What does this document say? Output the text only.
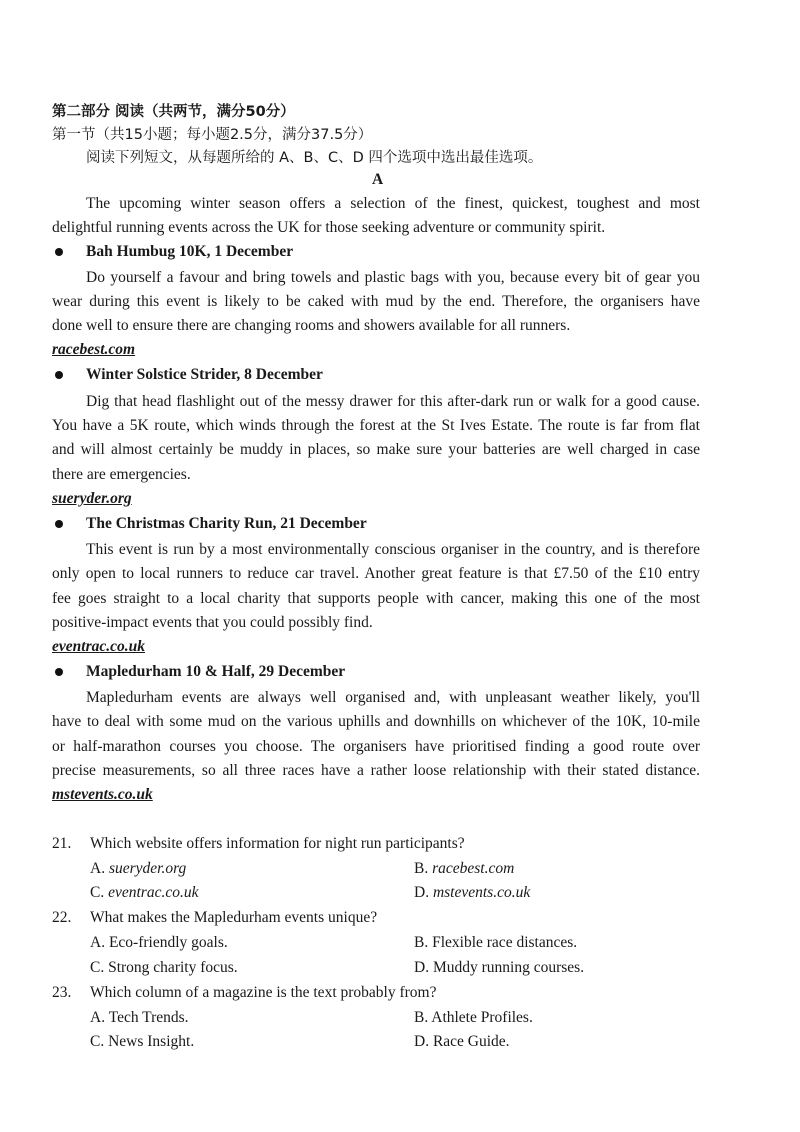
第二部分 阅读（共两节，满分50分）
第一节（共15小题；每小题2.5分，满分37.5分）
阅读下列短文，从每题所给的 A、B、C、D 四个选项中选出最佳选项。
A
The upcoming winter season offers a selection of the finest, quickest, toughest and most
delightful running events across the UK for those seeking adventure or community spirit.
Bah Humbug 10K, 1 December
Do yourself a favour and bring towels and plastic bags with you, because every bit of gear you
wear during this event is likely to be caked with mud by the end. Therefore, the organisers have
done well to ensure there are changing rooms and showers available for all runners.
racebest.com
Winter Solstice Strider, 8 December
Dig that head flashlight out of the messy drawer for this after-dark run or walk for a good cause.
You have a 5K route, which winds through the forest at the St Ives Estate. The route is far from flat
and will almost certainly be muddy in places, so make sure your batteries are well charged in case
there are emergencies.
sueryder.org
The Christmas Charity Run, 21 December
This event is run by a most environmentally conscious organiser in the country, and is therefore
only open to local runners to reduce car travel. Another great feature is that £7.50 of the £10 entry
fee goes straight to a local charity that supports people with cancer, making this one of the most
positive-impact events that you could possibly find.
eventrac.co.uk
Mapledurham 10 & Half, 29 December
Mapledurham events are always well organised and, with unpleasant weather likely, you'll
have to deal with some mud on the various uphills and downhills on whichever of the 10K, 10-mile
or half-marathon courses you choose. The organisers have prioritised finding a good route over
precise measurements, so all three races have a rather loose relationship with their stated distance.
mstevents.co.uk
21. Which website offers information for night run participants?
A. sueryder.org	B. racebest.com
C. eventrac.co.uk	D. mstevents.co.uk
22. What makes the Mapledurham events unique?
A. Eco-friendly goals.	B. Flexible race distances.
C. Strong charity focus.	D. Muddy running courses.
23. Which column of a magazine is the text probably from?
A. Tech Trends.	B. Athlete Profiles.
C. News Insight.	D. Race Guide.
